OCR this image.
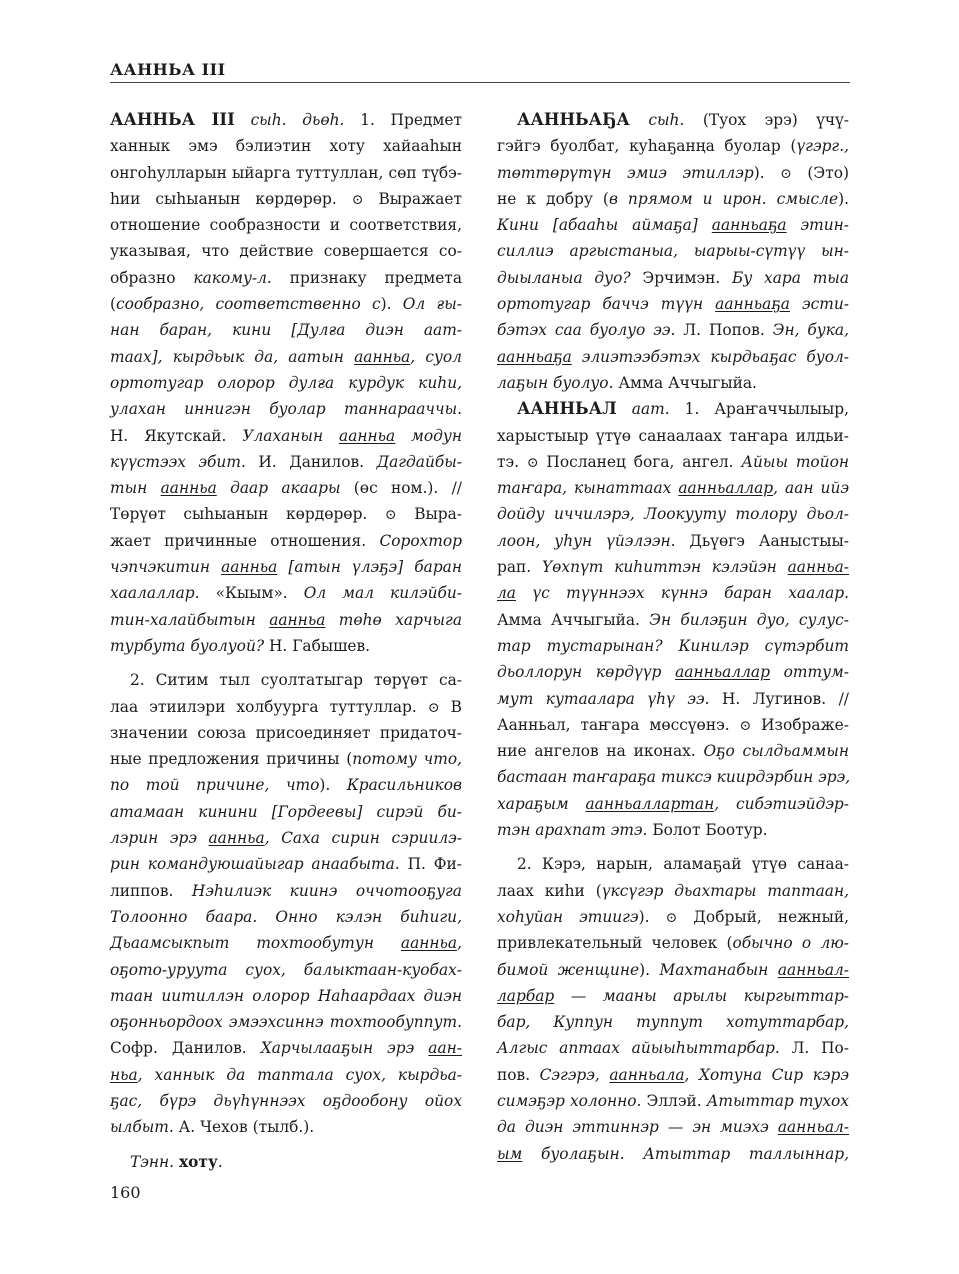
ААННЬА III
ААННЬА III сыһ. дьөһ. 1. Предмет
ханнык эмэ бэлиэтин хоту хайааһын
онгоһулларын ыйарга туттуллан, сөп түбэ-
һии сыһыанын көрдөрөр. ⊙ Выражает
отношение сообразности и соответствия,
указывая, что действие совершается со-
образно какому-л. признаку предмета
(сообразно, соответственно с). Ол ғы-
нан баран, кини [Дулға диэн аат-
таах], кырдьык да, аатын аанньа, суол
ортотугар олорор дулға курдук киһи,
улахан иннигэн буолар таннарааччы.
Н. Якутскай. Улаханын аанньа модун
күүстээх эбит. И. Данилов. Дагдайбы-
тын аанньа даар акаары (өс ном.). //
Төрүөт сыһыанын көрдөрөр. ⊙ Выра-
жает причинные отношения. Сорохтор
чэпчэкитин аанньа [атын үлэҕэ] баран
хаалаллар. «Кыым». Ол мал килэйби-
тин-халайбытын аанньа төһө харчыга
турбута буолуой? Н. Габышев.
2. Ситим тыл суолтатыгар төрүөт са-
лаа этиилэри холбуурга туттуллар. ⊙ В
значении союза присоединяет придаточ-
ные предложения причины (потому что,
по той причине, что). Красильников
атамаан кинини [Гордеевы] сирэй би-
лэрин эрэ аанньа, Саха сирин сэриилэ-
рин командуюшайыгар анаабыта. П. Фи-
липпов. Нэһилиэк киинэ оччотооҕуга
Толоонно баара. Онно кэлэн биһиги,
Дьаамсыкпыт тохтообутун аанньа,
оҕото-уруута суох, балыктаан-куобах-
таан иитиллэн олорор Наһаардаах диэн
оҕонньордоох эмээхсиннэ тохтообуппут.
Софр. Данилов. Харчылааҕын эрэ аан-
ньа, ханнык да таптала суох, кырдьа-
ҕас, бүрэ дьүһүннээх оҕдообону ойох
ылбыт. А. Чехов (тылб.).
Тэнн. хоту.
ААННЬАҔА сыһ. (Туох эрэ) үчү-
гэйгэ буолбат, куһаҕанңа буолар (үгэрг.,
төттөрүтүн эмиэ этиллэр). ⊙ (Это)
не к добру (в прямом и ирон. смысле).
Кини [абааһы аймаҕа] аанньаҕа этин-
силлиэ аргыстаныа, ыарыы-сүтүү ын-
дыыланыа дуо? Эрчимэн. Бу хара тыа
ортотугар баччэ түүн аанньаҕа эсти-
бэтэх саа буолуо ээ. Л. Попов. Эн, бука,
аанньаҕа элиэтээбэтэх кырдьаҕас буол-
лаҕын буолуо. Амма Аччыгыйа.
ААННЬАЛ аат. 1. Араҥаччылыыр,
харыстыыр үтүө санаалаах таҥара илдьи-
тэ. ⊙ Посланец бога, ангел. Айыы тойон
таҥара, кынаттаах аанньаллар, аан ийэ
дойду иччилэрэ, Лоокууту толору дьол-
лоон, уһун үйэлээн. Дьүөгэ Ааныстыы-
рап. Үөхпүт киһиттэн кэлэйэн аанньа-
ла үс түүннээх күннэ баран хаалар.
Амма Аччыгыйа. Эн билэҕин дуо, сулус-
тар тустарынан? Кинилэр сүтэрбит
дьоллорун көрдүүр аанньаллар оттум-
мут кутаалара үһү ээ. Н. Лугинов. //
Аанньал, таҥара мөссүөнэ. ⊙ Изображе-
ние ангелов на иконах. Оҕо сылдьаммын
бастаан таҥараҕа тиксэ киирдэрбин эрэ,
хараҕым аанньаллартан, сибэтиэйдэр-
тэн арахпат этэ. Болот Боотур.
2. Кэрэ, нарын, аламаҕай үтүө санаа-
лаах киһи (үксүгэр дьахтары таптаан,
хоһуйан этиигэ). ⊙ Добрый, нежный,
привлекательный человек (обычно о лю-
бимой женщине). Махтанабын аанньал-
ларбар — мааны арылы кыргыттар-
бар, Куппун туппут хотуттарбар,
Алгыс аптаах айыыһыттарбар. Л. По-
пов. Сэгэрэ, аанньала, Хотуна Сир кэрэ
симэҕэр холонно. Эллэй. Атыттар тухох
да диэн эттиннэр — эн миэхэ аанньал-
ым буолаҕын. Атыттар таллыннар,
160
